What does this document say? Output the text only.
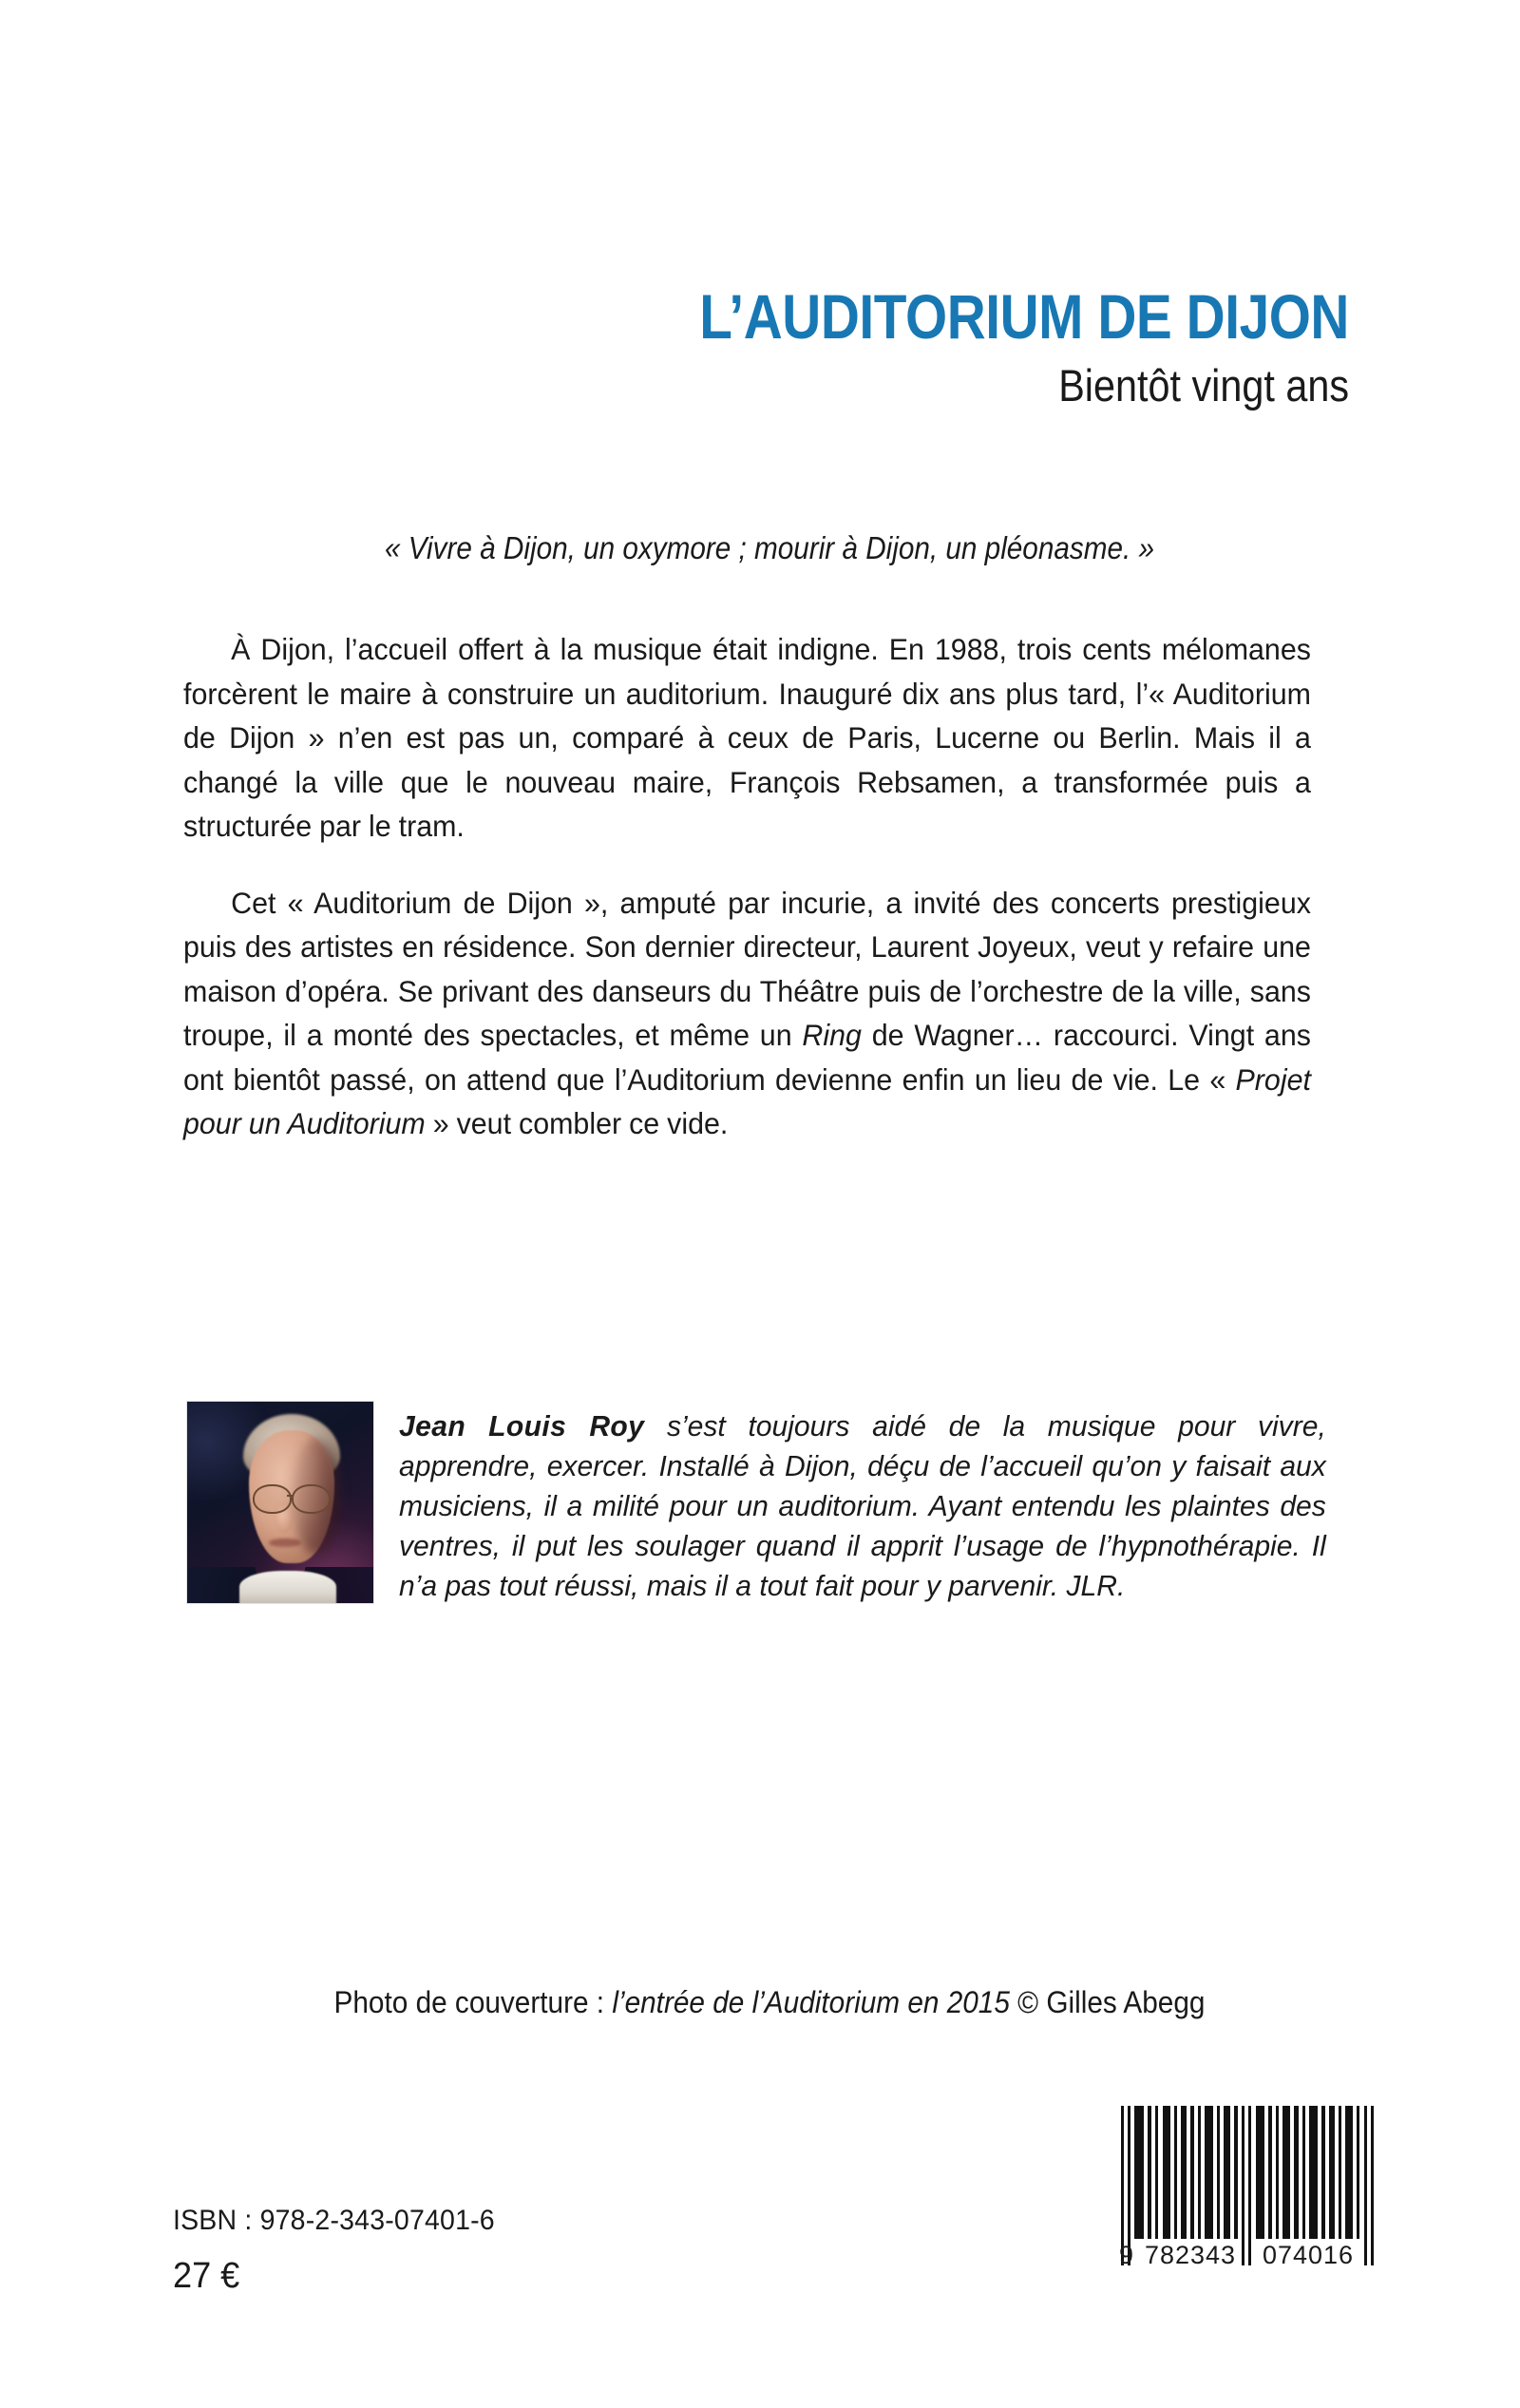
L’AUDITORIUM DE DIJON
Bientôt vingt ans
« Vivre à Dijon, un oxymore ; mourir à Dijon, un pléonasme. »

À Dijon, l’accueil offert à la musique était indigne. En 1988, trois cents mélomanes forcèrent le maire à construire un auditorium. Inauguré dix ans plus tard, l’« Auditorium de Dijon » n’en est pas un, comparé à ceux de Paris, Lucerne ou Berlin. Mais il a changé la ville que le nouveau maire, François Rebsamen, a transformée puis a structurée par le tram.

Cet « Auditorium de Dijon », amputé par incurie, a invité des concerts prestigieux puis des artistes en résidence. Son dernier directeur, Laurent Joyeux, veut y refaire une maison d’opéra. Se privant des danseurs du Théâtre puis de l’orchestre de la ville, sans troupe, il a monté des spectacles, et même un Ring de Wagner… raccourci. Vingt ans ont bientôt passé, on attend que l’Auditorium devienne enfin un lieu de vie. Le « Projet pour un Auditorium » veut combler ce vide.

Jean Louis Roy s’est toujours aidé de la musique pour vivre, apprendre, exercer. Installé à Dijon, déçu de l’accueil qu’on y faisait aux musiciens, il a milité pour un auditorium. Ayant entendu les plaintes des ventres, il put les soulager quand il apprit l’usage de l’hypnothérapie. Il n’a pas tout réussi, mais il a tout fait pour y parvenir. JLR.
Photo de couverture : l’entrée de l’Auditorium en 2015 © Gilles Abegg
ISBN : 978-2-343-07401-6
27 €
9 782343 074016
